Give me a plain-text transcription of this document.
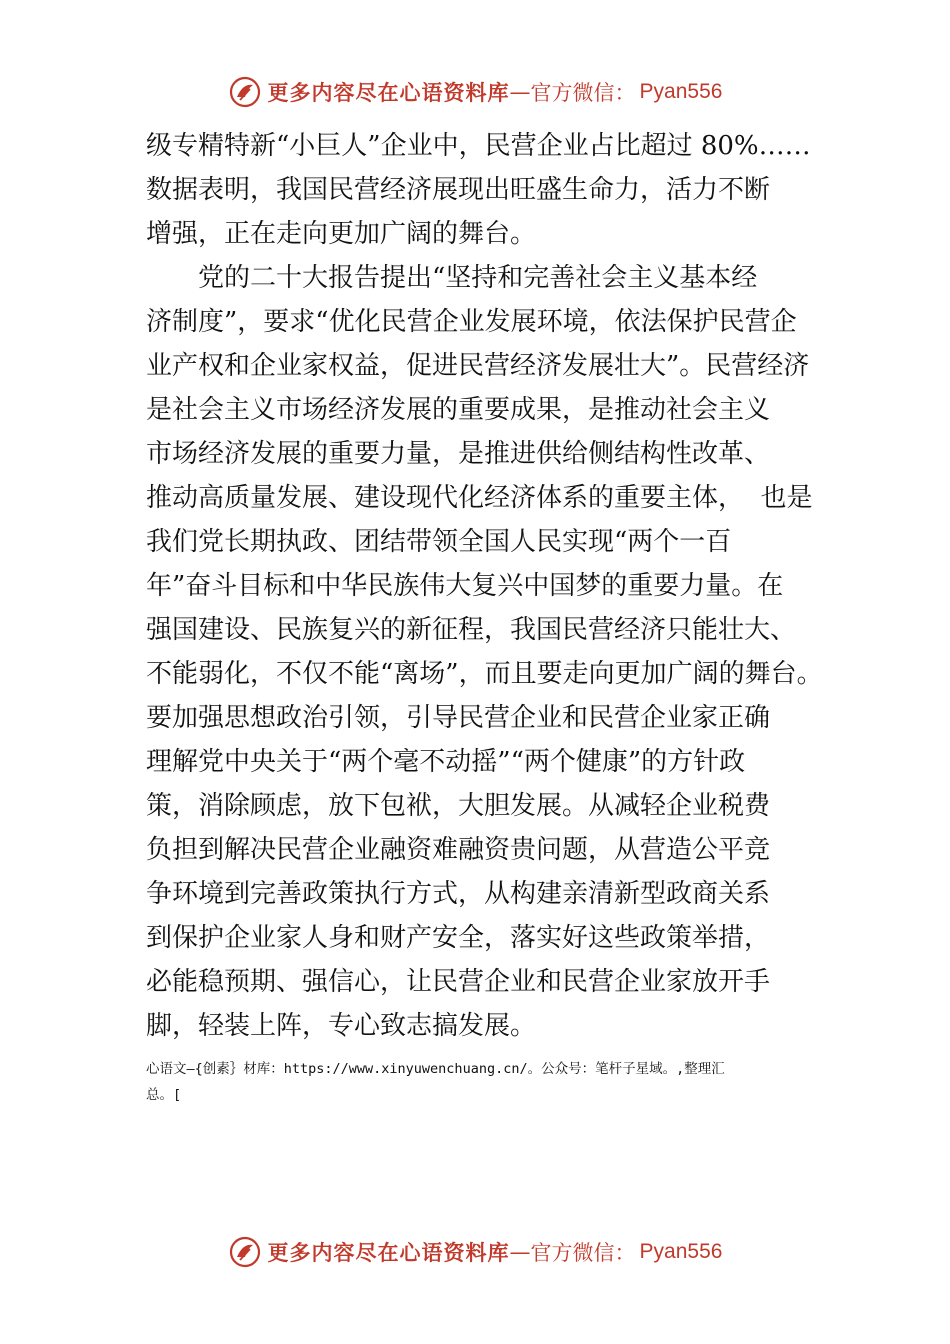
更多内容尽在心语资料库 — 官方微信： Pyan556
级专精特新“小巨人”企业中，民营企业占比超过 80%……
数据表明，我国民营经济展现出旺盛生命力，活力不断
增强，正在走向更加广阔的舞台。
党的二十大报告提出“坚持和完善社会主义基本经
济制度”，要求“优化民营企业发展环境，依法保护民营企
业产权和企业家权益，促进民营经济发展壮大”。民营经济
是社会主义市场经济发展的重要成果，是推动社会主义
市场经济发展的重要力量，是推进供给侧结构性改革、
推动高质量发展、建设现代化经济体系的重要主体，  也是
我们党长期执政、团结带领全国人民实现“两个一百
年”奋斗目标和中华民族伟大复兴中国梦的重要力量。在
强国建设、民族复兴的新征程，我国民营经济只能壮大、
不能弱化，不仅不能“离场”，而且要走向更加广阔的舞台。
要加强思想政治引领，引导民营企业和民营企业家正确
理解党中央关于“两个毫不动摇”“两个健康”的方针政
策，消除顾虑，放下包袱，大胆发展。从减轻企业税费
负担到解决民营企业融资难融资贵问题，从营造公平竞
争环境到完善政策执行方式，从构建亲清新型政商关系
到保护企业家人身和财产安全，落实好这些政策举措，
必能稳预期、强信心，让民营企业和民营企业家放开手
脚，轻装上阵，专心致志搞发展。
心语文—{创素｝材库：https://www.xinyuwenchuang.cn/。公众号：笔杆子星域。,整理汇
总。[
更多内容尽在心语资料库 — 官方微信： Pyan556
